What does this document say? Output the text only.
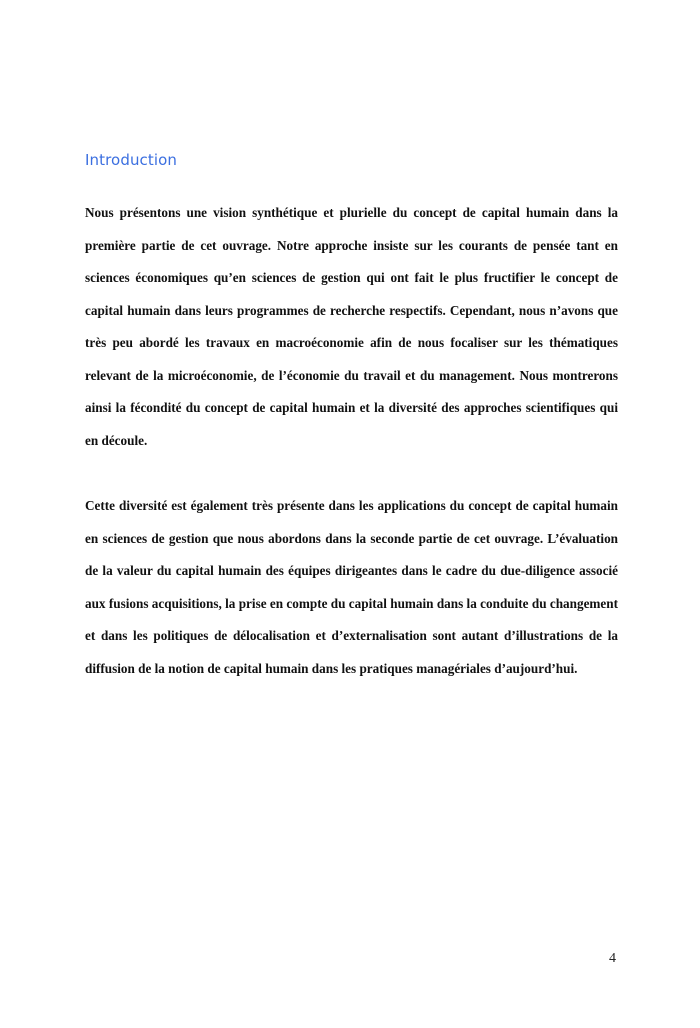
Introduction

Nous présentons une vision synthétique et plurielle du concept de capital humain dans la première partie de cet ouvrage. Notre approche insiste sur les courants de pensée tant en sciences économiques qu’en sciences de gestion qui ont fait le plus fructifier le concept de capital humain dans leurs programmes de recherche respectifs. Cependant, nous n’avons que très peu abordé les travaux en macroéconomie afin de nous focaliser sur les thématiques relevant de la microéconomie, de l’économie du travail et du management. Nous montrerons ainsi la fécondité du concept de capital humain et la diversité des approches scientifiques qui en découle.

Cette diversité est également très présente dans les applications du concept de capital humain en sciences de gestion que nous abordons dans la seconde partie de cet ouvrage. L’évaluation de la valeur du capital humain des équipes dirigeantes dans le cadre du due-diligence associé aux fusions acquisitions, la prise en compte du capital humain dans la conduite du changement et dans les politiques de délocalisation et d’externalisation sont autant d’illustrations de la diffusion de la notion de capital humain dans les pratiques managériales d’aujourd’hui.

4
